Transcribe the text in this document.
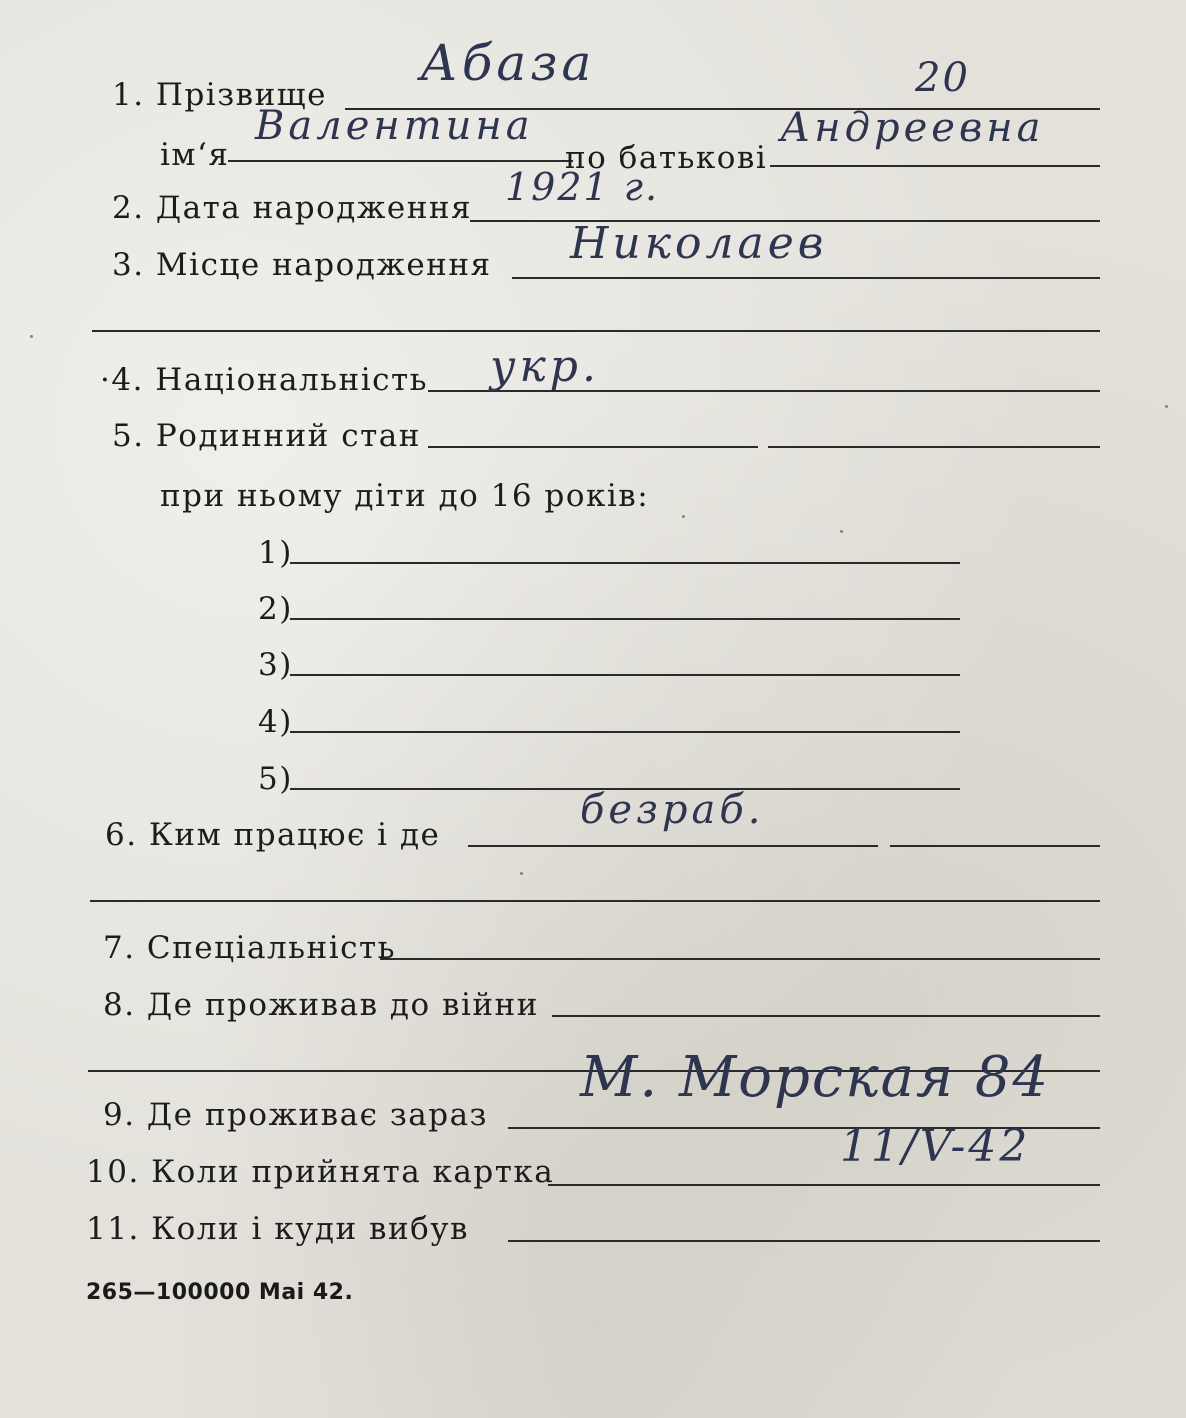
1. Прізвище
Абаза	20
ім‘я
Валентина
по батькові
Андреевна
2. Дата народження 1921 г.
3. Місце народження Николаев
·4. Національність укр.
5. Родинний стан
при ньому діти до 16 років:
1)
2)
3)
4)
5)
6. Ким працює і де
безраб.
7. Спеціальність
8. Де проживав до війни
М. Морская 84
9. Де проживає зараз
10. Коли прийнята картка	11/V-42
11. Коли і куди вибув
265—100000 Mai 42.
